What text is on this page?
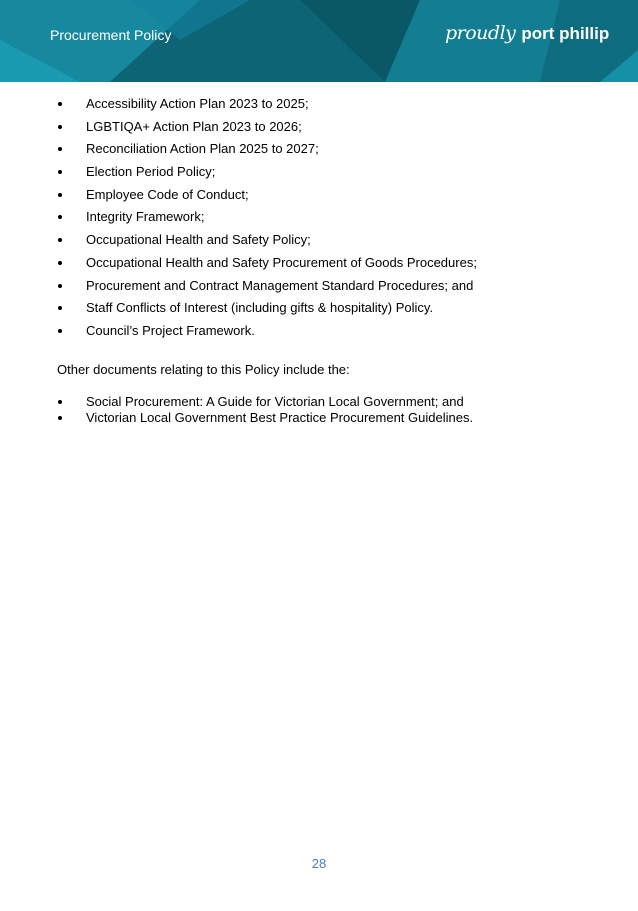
Procurement Policy	proudly port phillip
Accessibility Action Plan 2023 to 2025;
LGBTIQA+ Action Plan 2023 to 2026;
Reconciliation Action Plan 2025 to 2027;
Election Period Policy;
Employee Code of Conduct;
Integrity Framework;
Occupational Health and Safety Policy;
Occupational Health and Safety Procurement of Goods Procedures;
Procurement and Contract Management Standard Procedures; and
Staff Conflicts of Interest (including gifts & hospitality) Policy.
Council’s Project Framework.

Other documents relating to this Policy include the:

Social Procurement: A Guide for Victorian Local Government; and
Victorian Local Government Best Practice Procurement Guidelines.
28
